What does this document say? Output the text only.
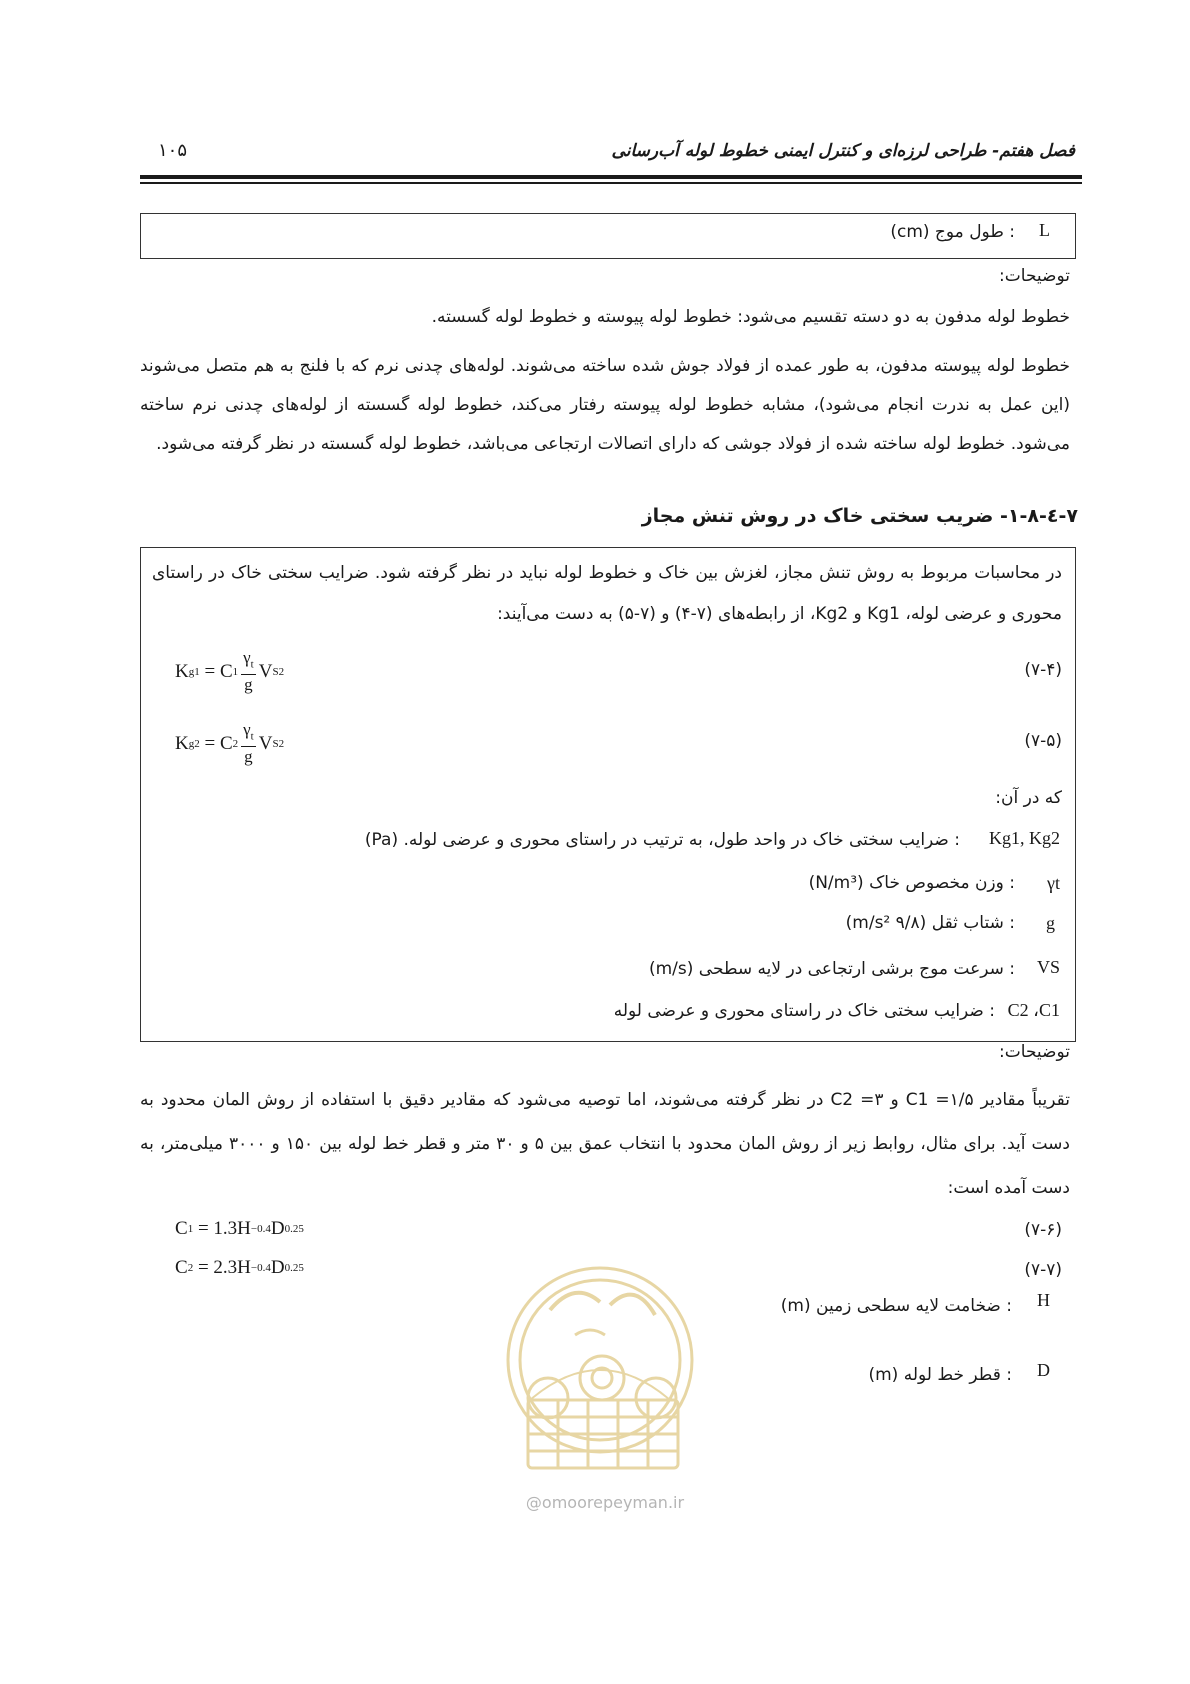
فصل هفتم- طراحی لرزه‌ای و کنترل ایمنی خطوط لوله آب‌رسانی
۱۰۵
L
: طول موج (cm)
توضیحات:
خطوط لوله مدفون به دو دسته تقسیم می‌شود: خطوط لوله پیوسته و خطوط لوله گسسته.
خطوط لوله پیوسته مدفون، به طور عمده از فولاد جوش شده ساخته می‌شوند. لوله‌های چدنی نرم که با فلنج به هم متصل می‌شوند (این عمل به ندرت انجام می‌شود)، مشابه خطوط لوله پیوسته رفتار می‌کند، خطوط لوله گسسته از لوله‌های چدنی نرم ساخته می‌شود. خطوط لوله ساخته شده از فولاد جوشی که دارای اتصالات ارتجاعی می‌باشد، خطوط لوله گسسته در نظر گرفته می‌شود.
۷-٤-۱-۸- ضریب سختی خاک در روش تنش مجاز
در محاسبات مربوط به روش تنش مجاز، لغزش بین خاک و خطوط لوله نباید در نظر گرفته شود. ضرایب سختی خاک در راستای محوری و عرضی لوله، Kg1 و Kg2، از رابطه‌های (۷-۴) و (۷-۵) به دست می‌آیند:
K g1 = C $1 \frac{\gamma_t}{g}$ V S 2	(۷-۴)
K g2 = C $2 \frac{\gamma_t}{g}$ V S 2	(۷-۵)
که در آن:
Kg1, Kg2
: ضرایب سختی خاک در واحد طول، به ترتیب در راستای محوری و عرضی لوله. (Pa)
γt
: وزن مخصوص خاک (N/m³)
g
: شتاب ثقل (۹/۸ m/s²)
VS
: سرعت موج برشی ارتجاعی در لایه سطحی (m/s)
C2 ،C1
: ضرایب سختی خاک در راستای محوری و عرضی لوله
توضیحات:
تقریباً مقادیر C1 =۱/۵ و C2 =۳ در نظر گرفته می‌شوند، اما توصیه می‌شود که مقادیر دقیق با استفاده از روش المان محدود به دست آید. برای مثال، روابط زیر از روش المان محدود با انتخاب عمق بین ۵ و ۳۰ متر و قطر خط لوله بین ۱۵۰ و ۳۰۰۰ میلی‌متر، به دست آمده است:
C 1 = 1.3H −0.4 D 0.25	(۷-۶)
C 2 = 2.3H −0.4 D 0.25	(۷-۷)
H
: ضخامت لایه سطحی زمین (m)
D
: قطر خط لوله (m)
@omoorepeyman.ir
